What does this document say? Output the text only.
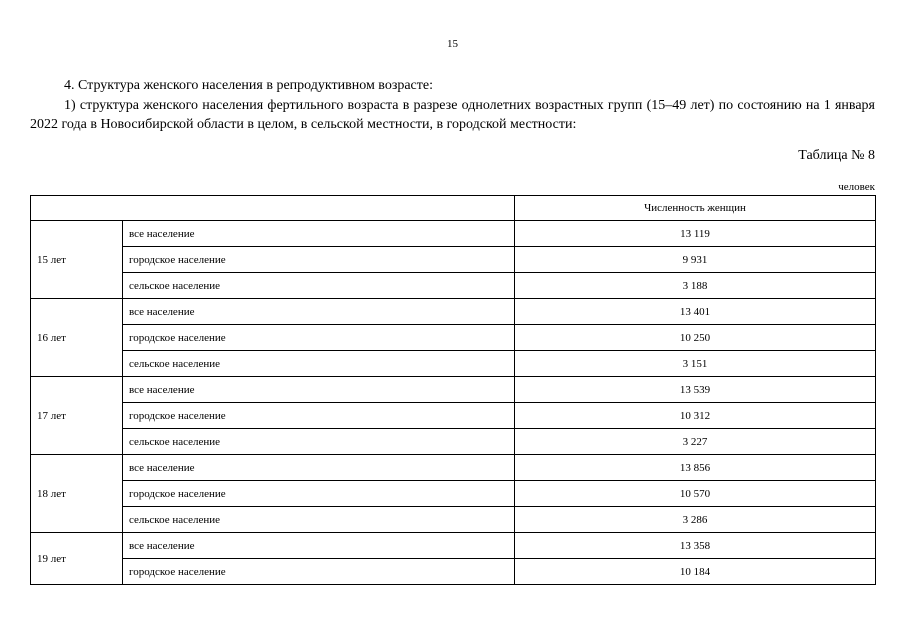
15
4. Структура женского населения в репродуктивном возрасте:
1) структура женского населения фертильного возраста в разрезе однолетних возрастных групп (15–49 лет) по состоянию на 1 января 2022 года в Новосибирской области в целом, в сельской местности, в городской местности:
Таблица № 8
человек
		Численность женщин
15 лет	все население	13 119
	городское население	9 931
	сельское население	3 188
16 лет	все население	13 401
	городское население	10 250
	сельское население	3 151
17 лет	все население	13 539
	городское население	10 312
	сельское население	3 227
18 лет	все население	13 856
	городское население	10 570
	сельское население	3 286
19 лет	все население	13 358
	городское население	10 184
